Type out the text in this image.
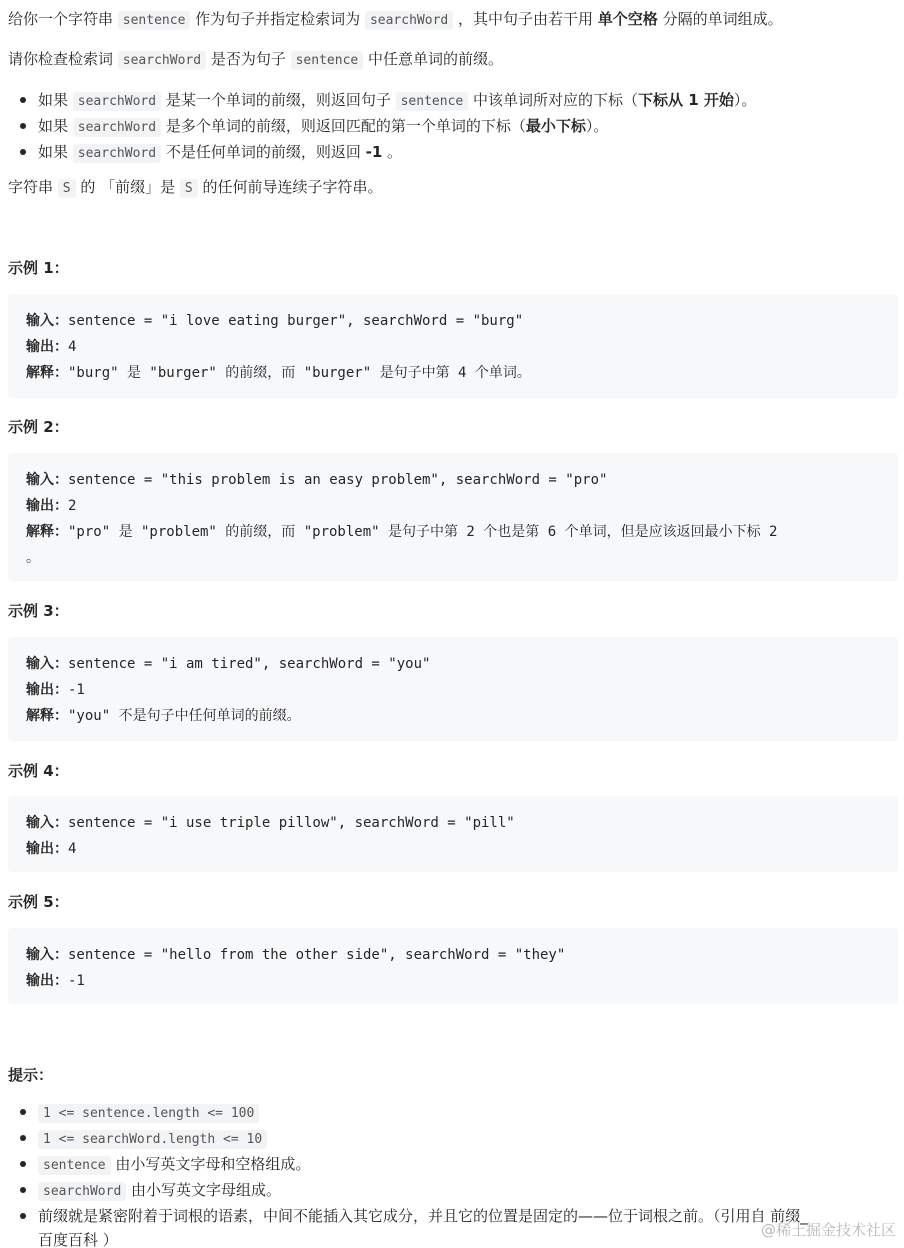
给你一个字符串 sentence 作为句子并指定检索词为 searchWord ，其中句子由若干用 单个空格 分隔的单词组成。
请你检查检索词 searchWord 是否为句子 sentence 中任意单词的前缀。
如果 searchWord 是某一个单词的前缀，则返回句子 sentence 中该单词所对应的下标（下标从 1 开始）。
如果 searchWord 是多个单词的前缀，则返回匹配的第一个单词的下标（最小下标）。
如果 searchWord 不是任何单词的前缀，则返回 -1 。
字符串 S 的 「前缀」是 S 的任何前导连续子字符串。
示例 1：
输入：sentence = "i love eating burger", searchWord = "burg"
输出：4
解释："burg" 是 "burger" 的前缀，而 "burger" 是句子中第 4 个单词。
示例 2：
输入：sentence = "this problem is an easy problem", searchWord = "pro"
输出：2
解释："pro" 是 "problem" 的前缀，而 "problem" 是句子中第 2 个也是第 6 个单词，但是应该返回最小下标 2
。
示例 3：
输入：sentence = "i am tired", searchWord = "you"
输出：-1
解释："you" 不是句子中任何单词的前缀。
示例 4：
输入：sentence = "i use triple pillow", searchWord = "pill"
输出：4
示例 5：
输入：sentence = "hello from the other side", searchWord = "they"
输出：-1
提示：
1 <= sentence.length <= 100
1 <= searchWord.length <= 10
sentence 由小写英文字母和空格组成。
searchWord 由小写英文字母组成。
前缀就是紧密附着于词根的语素，中间不能插入其它成分，并且它的位置是固定的——位于词根之前。（引用自 前缀_百度百科 ）
@稀土掘金技术社区
